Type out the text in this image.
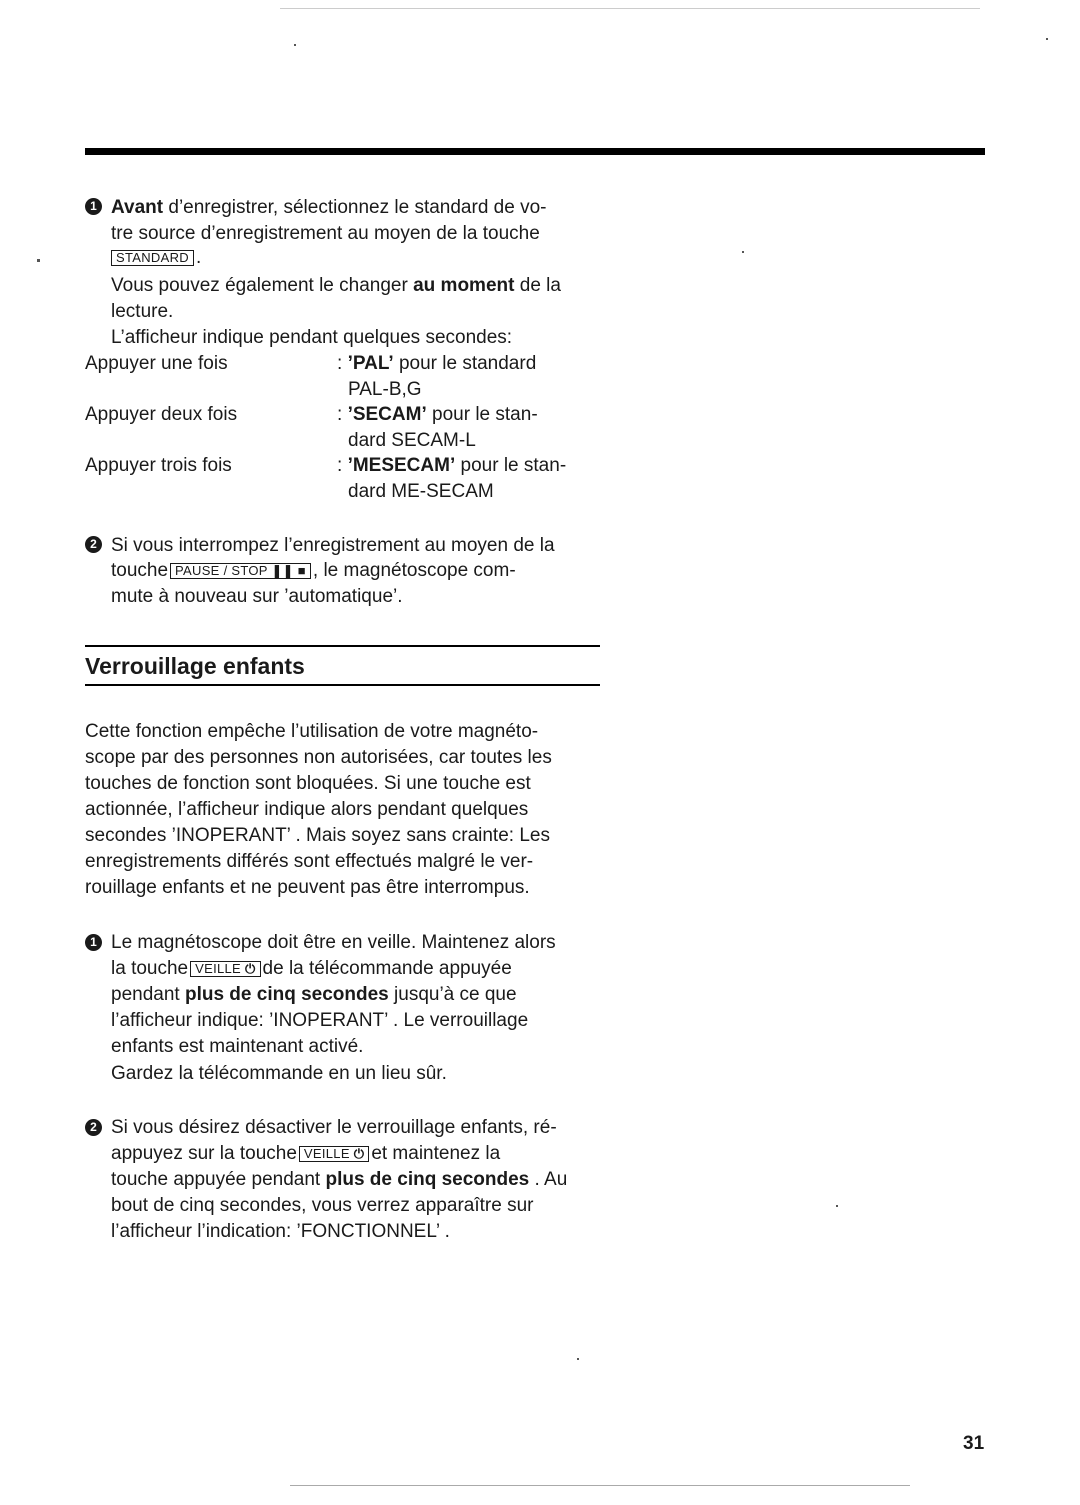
1 Avant d’enregistrer, sélectionnez le standard de vo-
tre source d’enregistrement au moyen de la touche
STANDARD .
Vous pouvez également le changer au moment de la
lecture.
L’afficheur indique pendant quelques secondes:
Appuyer une fois	: ’PAL’ pour le standard
PAL-B,G
Appuyer deux fois	: ’SECAM’ pour le stan-
dard SECAM-L
Appuyer trois fois	: ’MESECAM’ pour le stan-
dard ME-SECAM
2 Si vous interrompez l’enregistrement au moyen de la
touche PAUSE / STOP ❚❚ ■ , le magnétoscope com-
mute à nouveau sur ’automatique’.
Verrouillage enfants
Cette fonction empêche l’utilisation de votre magnéto-
scope par des personnes non autorisées, car toutes les
touches de fonction sont bloquées. Si une touche est
actionnée, l’afficheur indique alors pendant quelques
secondes ’INOPERANT’ . Mais soyez sans crainte: Les
enregistrements différés sont effectués malgré le ver-
rouillage enfants et ne peuvent pas être interrompus.
1 Le magnétoscope doit être en veille. Maintenez alors
la touche VEILLE ⏻ de la télécommande appuyée
pendant plus de cinq secondes jusqu’à ce que
l’afficheur indique: ’INOPERANT’ . Le verrouillage
enfants est maintenant activé.
Gardez la télécommande en un lieu sûr.
2 Si vous désirez désactiver le verrouillage enfants, ré-
appuyez sur la touche VEILLE ⏻ et maintenez la
touche appuyée pendant plus de cinq secondes . Au
bout de cinq secondes, vous verrez apparaître sur
l’afficheur l’indication: ’FONCTIONNEL’ .
31
